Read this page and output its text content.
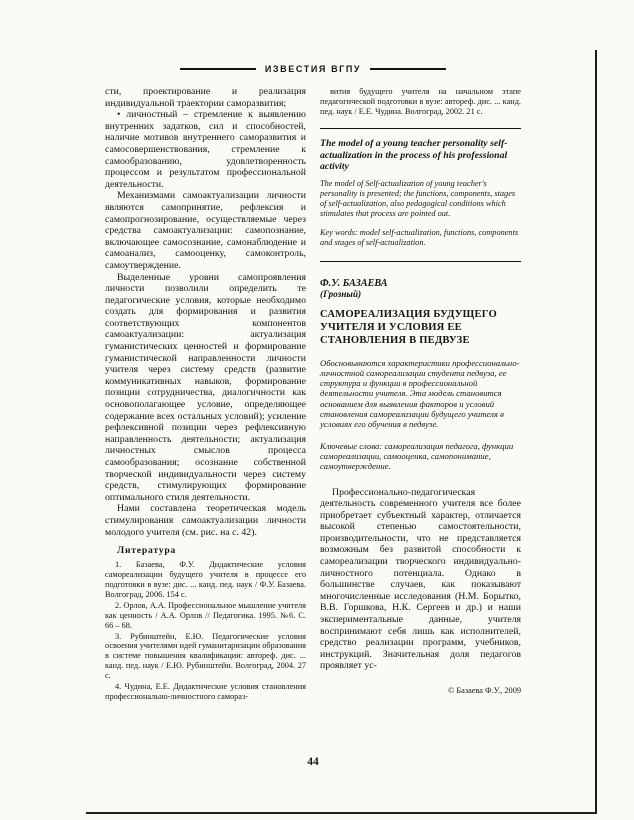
ИЗВЕСТИЯ ВГПУ

сти, проектирование и реализация индивидуальной траектории саморазвития;

• личностный – стремление к выявлению внутренних задатков, сил и способностей, наличие мотивов внутреннего саморазвития и самосовершенствования, стремление к самообразованию, удовлетворенность процессом и результатом профессиональной деятельности.

Механизмами самоактуализации личности являются самопринятие, рефлексия и самопрогнозирование, осуществляемые через средства самоактуализации: самопознание, включающее самосознание, самонаблюдение и самоанализ, самооценку, самоконтроль, самоутверждение.

Выделенные уровни самопроявления личности позволили определить те педагогические условия, которые необходимо создать для формирования и развития соответствующих компонентов самоактуализации: актуализация гуманистических ценностей и формирование гуманистической направленности личности учителя через систему средств (развитие коммуникативных навыков, формирование позиции сотрудничества, диалогичности как основополагающее условие, определяющее содержание всех остальных условий); усиление рефлексивной позиции через рефлексивную направленность деятельности; актуализация личностных смыслов процесса самообразования; осознание собственной творческой индивидуальности через систему средств, стимулирующих формирование оптимального стиля деятельности.

Нами составлена теоретическая модель стимулирования самоактуализации личности молодого учителя (см. рис. на с. 42).

Литература

1. Базаева, Ф.У. Дидактические условия самореализации будущего учителя в процессе его подготовки в вузе: дис. ... канд. пед. наук / Ф.У. Базаева. Волгоград, 2006. 154 с.

2. Орлов, А.А. Профессиональное мышление учителя как ценность / А.А. Орлов // Педагогика. 1995. №6. С. 66 – 68.

3. Рубинштейн, Е.Ю. Педагогические условия освоения учителями идей гуманитаризации образования в системе повышения квалификации: автореф. дис. ... канд. пед. наук / Е.Ю. Рубинштейн. Волгоград, 2004. 27 с.

4. Чудина, Е.Е. Дидактические условия становления профессионально-личностного самораз-

вития будущего учителя на начальном этапе педагогической подготовки в вузе: автореф. дис. ... канд. пед. наук / Е.Е. Чудина. Волгоград, 2002. 21 с.

The model of a young teacher personality self-actualization in the process of his professional activity

The model of Self-actualization of young teacher's personality is presented; the functions, components, stages of self-actualization, also pedagogical conditions which stimulates that process are pointed out.

Key words: model self-actualization, functions, components and stages of self-actualization.

Ф.У. БАЗАЕВА
(Грозный)
САМОРЕАЛИЗАЦИЯ БУДУЩЕГО УЧИТЕЛЯ И УСЛОВИЯ ЕЕ СТАНОВЛЕНИЯ В ПЕДВУЗЕ

Обосновываются характеристики профессионально-личностной самореализации студента педвуза, ее структура и функции в профессиональной деятельности учителя. Эта модель становится основанием для выявления факторов и условий становления самореализации будущего учителя в условиях его обучения в педвузе.

Ключевые слова: самореализация педагога, функции самореализации, самооценка, самопонимание, самоутверждение.

Профессионально-педагогическая деятельность современного учителя все более приобретает субъектный характер, отличается высокой степенью самостоятельности, производительности, что не представляется возможным без развитой способности к самореализации творческого индивидуально-личностного потенциала. Однако в большинстве случаев, как показывают многочисленные исследования (Н.М. Борытко, В.В. Горшкова, Н.К. Сергеев и др.) и наши экспериментальные данные, учителя воспринимают себя лишь как исполнителей, средство реализации программ, учебников, инструкций. Значительная доля педагогов проявляет ус-

© Базаева Ф.У., 2009

44
